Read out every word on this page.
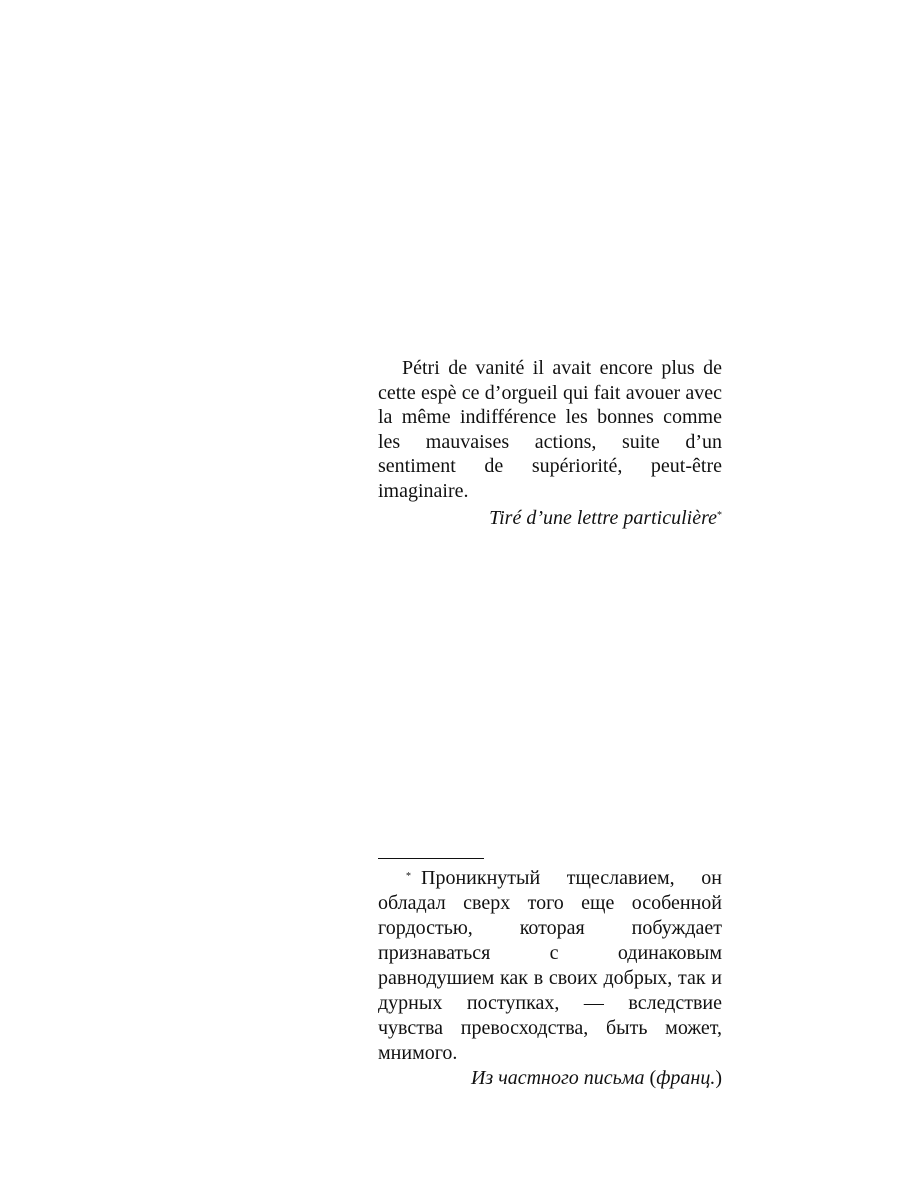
Pétri de vanité il avait encore plus de cette espè ce d’orgueil qui fait avouer avec la même indifférence les bonnes comme les mauvaises actions, suite d’un sentiment de supériorité, peut-être imaginaire.

Tiré d’une lettre particulière*

* Проникнутый тщеславием, он обладал сверх того еще особенной гордостью, которая побуждает признаваться с одинаковым равнодушием как в своих добрых, так и дурных поступках, — вследствие чувства превосходства, быть может, мнимого.

Из частного письма (франц.)
